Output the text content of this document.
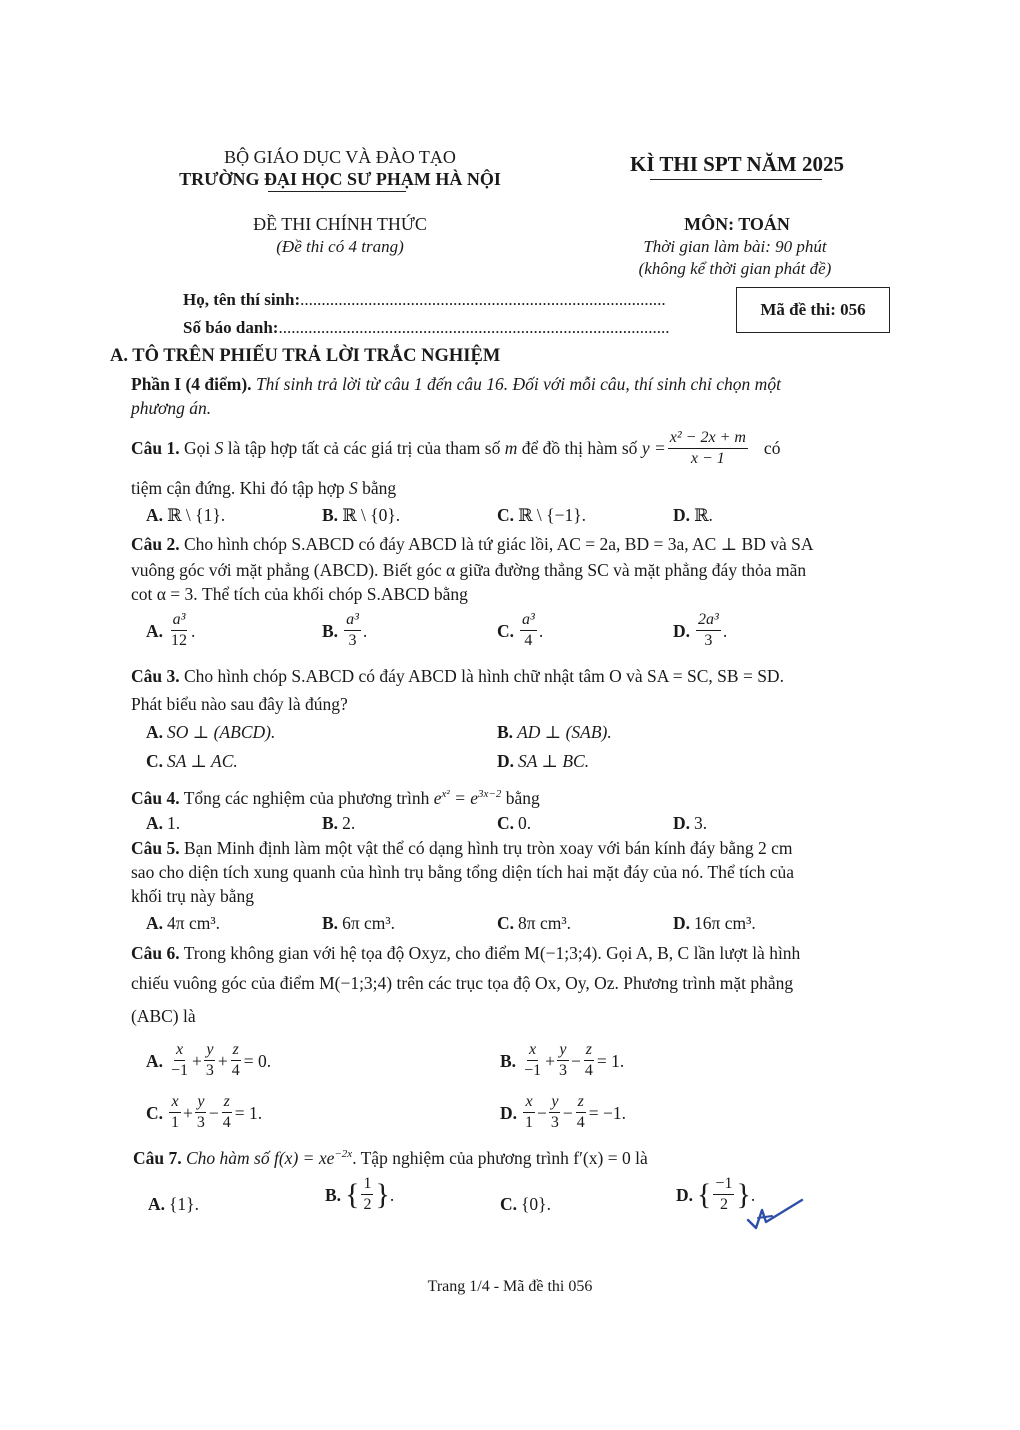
BỘ GIÁO DỤC VÀ ĐÀO TẠO
TRƯỜNG ĐẠI HỌC SƯ PHẠM HÀ NỘI
KÌ THI SPT NĂM 2025
ĐỀ THI CHÍNH THỨC
(Đề thi có 4 trang)
MÔN: TOÁN
Thời gian làm bài: 90 phút
(không kể thời gian phát đề)
Họ, tên thí sinh:......................................................................................
Số báo danh:............................................................................................
Mã đề thi: 056
A. TÔ TRÊN PHIẾU TRẢ LỜI TRẮC NGHIỆM
Phần I (4 điểm). Thí sinh trả lời từ câu 1 đến câu 16. Đối với mỗi câu, thí sinh chỉ chọn một
phương án.
Câu 1.
Gọi
S
là tập hợp tất cả các giá trị của tham số
m
để đồ thị hàm số
$y = \frac{\text{x² − 2x + m}}{x - 1}$ có
tiệm cận đứng. Khi đó tập hợp S bằng
A. ℝ \ {1}.	B. ℝ \ {0}.	C. ℝ \ {−1}.	D. ℝ.
Câu 2. Cho hình chóp S.ABCD có đáy ABCD là tứ giác lồi, AC = 2a, BD = 3a, AC ⊥ BD và SA
vuông góc với mặt phẳng (ABCD). Biết góc α giữa đường thẳng SC và mặt phẳng đáy thỏa mãn
cot α = 3. Thể tích của khối chóp S.ABCD bằng
A. $\frac{\text{a³}}{12}$ .	B. $\frac{\text{a³}}{3}$ .	C. $\frac{\text{a³}}{4}$ .	D. $\frac{\text{2a³}}{3}$ .
Câu 3. Cho hình chóp S.ABCD có đáy ABCD là hình chữ nhật tâm O và SA = SC, SB = SD.
Phát biểu nào sau đây là đúng?
A. SO ⊥ (ABCD).	B. AD ⊥ (SAB).
C. SA ⊥ AC.	D. SA ⊥ BC.
Câu 4. Tổng các nghiệm của phương trình $e^{x^2} = e^{3x-2}$ bằng
A. 1.	B. 2.	C. 0.	D. 3.
Câu 5. Bạn Minh định làm một vật thể có dạng hình trụ tròn xoay với bán kính đáy bằng 2 cm
sao cho diện tích xung quanh của hình trụ bằng tổng diện tích hai mặt đáy của nó. Thể tích của
khối trụ này bằng
A. 4π cm³.	B. 6π cm³.	C. 8π cm³.	D. 16π cm³.
Câu 6. Trong không gian với hệ tọa độ Oxyz, cho điểm M(−1;3;4). Gọi A, B, C lần lượt là hình
chiếu vuông góc của điểm M(−1;3;4) trên các trục tọa độ Ox, Oy, Oz. Phương trình mặt phẳng
(ABC) là
A. $\frac{x}{-1} + \frac{y}{3} + \frac{z}{4} = 0$.	B. $\frac{x}{-1} + \frac{y}{3} - \frac{z}{4} = 1$.
C. $\frac{x}{1} + \frac{y}{3} - \frac{z}{4} = 1$.	D. $\frac{x}{1} - \frac{y}{3} - \frac{z}{4} = -1$.
Câu 7. Cho hàm số $f(x) = xe^{-2x}$. Tập nghiệm của phương trình f′(x) = 0 là
A. {1}.	B. { $\frac{1}{2}$ } .	C. {0}.	D. { $\frac{-1}{2}$ } .
Trang 1/4 - Mã đề thi 056
